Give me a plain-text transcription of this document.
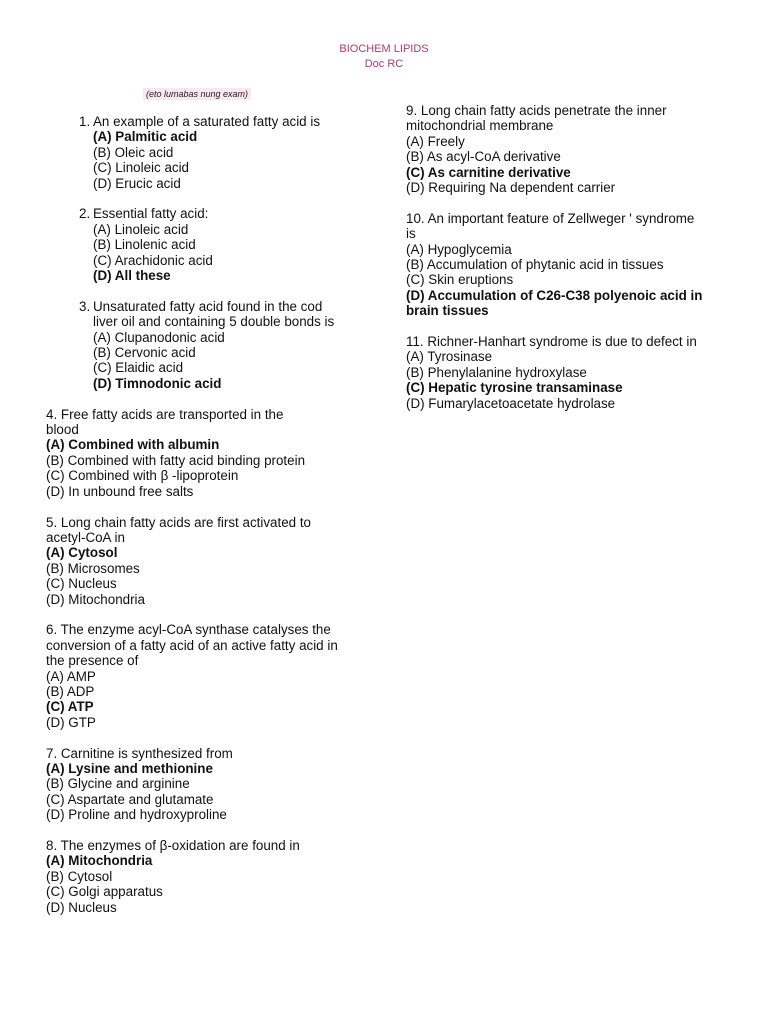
BIOCHEM LIPIDS
Doc RC
(eto lumabas nung exam)
1. An example of a saturated fatty acid is
(A) Palmitic acid
(B) Oleic acid
(C) Linoleic acid
(D) Erucic acid
2. Essential fatty acid:
(A) Linoleic acid
(B) Linolenic acid
(C) Arachidonic acid
(D) All these
3. Unsaturated fatty acid found in the cod
liver oil and containing 5 double bonds is
(A) Clupanodonic acid
(B) Cervonic acid
(C) Elaidic acid
(D) Timnodonic acid
4. Free fatty acids are transported in the
blood
(A) Combined with albumin
(B) Combined with fatty acid binding protein
(C) Combined with β -lipoprotein
(D) In unbound free salts
5. Long chain fatty acids are first activated to
acetyl-CoA in
(A) Cytosol
(B) Microsomes
(C) Nucleus
(D) Mitochondria
6. The enzyme acyl-CoA synthase catalyses the
conversion of a fatty acid of an active fatty acid in
the presence of
(A) AMP
(B) ADP
(C) ATP
(D) GTP
7. Carnitine is synthesized from
(A) Lysine and methionine
(B) Glycine and arginine
(C) Aspartate and glutamate
(D) Proline and hydroxyproline
8. The enzymes of β-oxidation are found in
(A) Mitochondria
(B) Cytosol
(C) Golgi apparatus
(D) Nucleus
9. Long chain fatty acids penetrate the inner
mitochondrial membrane
(A) Freely
(B) As acyl-CoA derivative
(C) As carnitine derivative
(D) Requiring Na dependent carrier
10. An important feature of Zellweger ' syndrome
is
(A) Hypoglycemia
(B) Accumulation of phytanic acid in tissues
(C) Skin eruptions
(D) Accumulation of C26-C38 polyenoic acid in
brain tissues
11. Richner-Hanhart syndrome is due to defect in
(A) Tyrosinase
(B) Phenylalanine hydroxylase
(C) Hepatic tyrosine transaminase
(D) Fumarylacetoacetate hydrolase
